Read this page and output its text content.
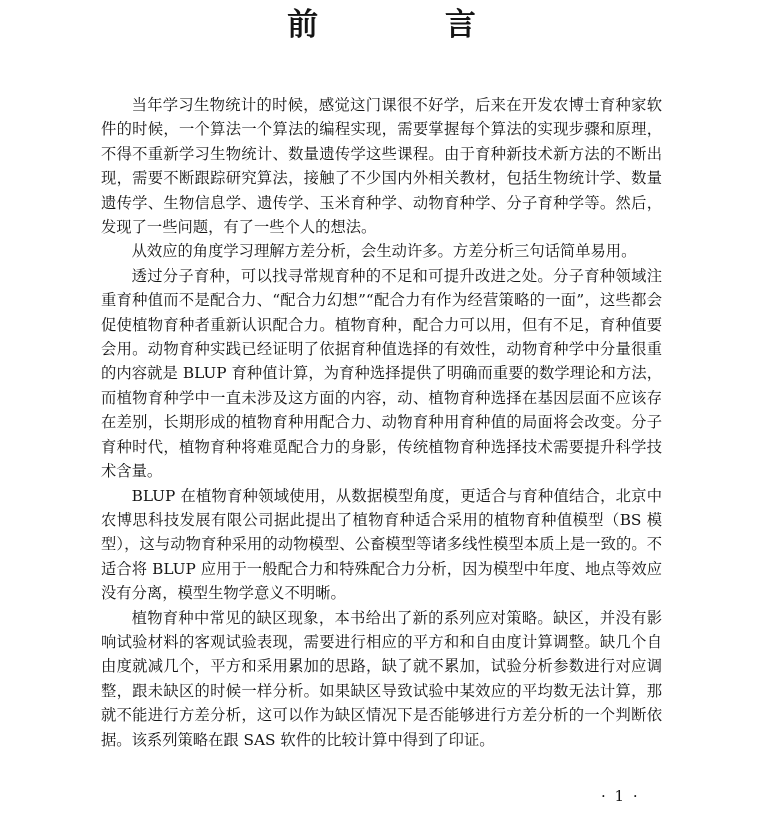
前 言

当年学习生物统计的时候，感觉这门课很不好学，后来在开发农博士育种家软件的时候，一个算法一个算法的编程实现，需要掌握每个算法的实现步骤和原理，不得不重新学习生物统计、数量遗传学这些课程。由于育种新技术新方法的不断出现，需要不断跟踪研究算法，接触了不少国内外相关教材，包括生物统计学、数量遗传学、生物信息学、遗传学、玉米育种学、动物育种学、分子育种学等。然后，发现了一些问题，有了一些个人的想法。

从效应的角度学习理解方差分析，会生动许多。方差分析三句话简单易用。

透过分子育种，可以找寻常规育种的不足和可提升改进之处。分子育种领域注重育种值而不是配合力、“配合力幻想”“配合力有作为经营策略的一面”，这些都会促使植物育种者重新认识配合力。植物育种，配合力可以用，但有不足，育种值要会用。动物育种实践已经证明了依据育种值选择的有效性，动物育种学中分量很重的内容就是 BLUP 育种值计算，为育种选择提供了明确而重要的数学理论和方法，而植物育种学中一直未涉及这方面的内容，动、植物育种选择在基因层面不应该存在差别，长期形成的植物育种用配合力、动物育种用育种值的局面将会改变。分子育种时代，植物育种将难觅配合力的身影，传统植物育种选择技术需要提升科学技术含量。

BLUP 在植物育种领域使用，从数据模型角度，更适合与育种值结合，北京中农博思科技发展有限公司据此提出了植物育种适合采用的植物育种值模型（BS 模型），这与动物育种采用的动物模型、公畜模型等诸多线性模型本质上是一致的。不适合将 BLUP 应用于一般配合力和特殊配合力分析，因为模型中年度、地点等效应没有分离，模型生物学意义不明晰。

植物育种中常见的缺区现象，本书给出了新的系列应对策略。缺区，并没有影响试验材料的客观试验表现，需要进行相应的平方和和自由度计算调整。缺几个自由度就减几个，平方和采用累加的思路，缺了就不累加，试验分析参数进行对应调整，跟未缺区的时候一样分析。如果缺区导致试验中某效应的平均数无法计算，那就不能进行方差分析，这可以作为缺区情况下是否能够进行方差分析的一个判断依据。该系列策略在跟 SAS 软件的比较计算中得到了印证。

· 1 ·
